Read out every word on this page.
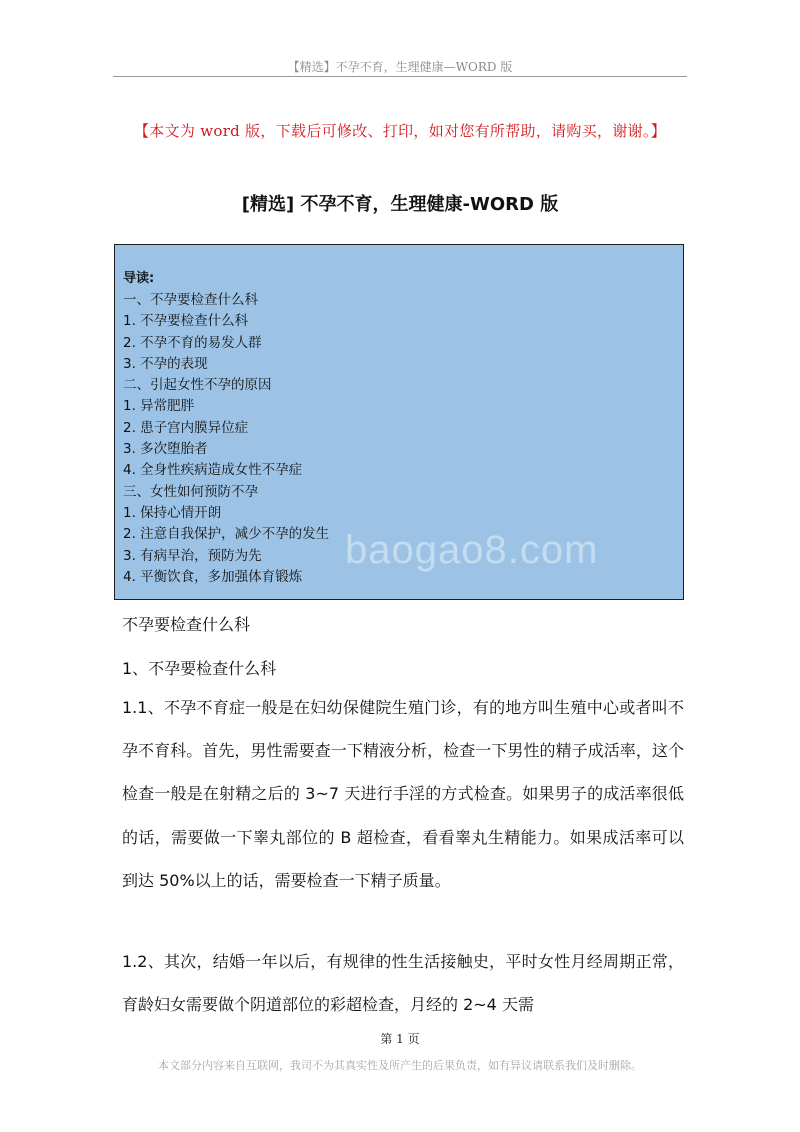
【精选】不孕不育，生理健康—WORD 版
【本文为 word 版，下载后可修改、打印，如对您有所帮助，请购买，谢谢。】
[精选] 不孕不育，生理健康-WORD 版
导读:
一、不孕要检查什么科
1. 不孕要检查什么科
2. 不孕不育的易发人群
3. 不孕的表现
二、引起女性不孕的原因
1. 异常肥胖
2. 患子宫内膜异位症
3. 多次堕胎者
4. 全身性疾病造成女性不孕症
三、女性如何预防不孕
1. 保持心情开朗
2. 注意自我保护，减少不孕的发生
3. 有病早治，预防为先
4. 平衡饮食，多加强体育锻炼
baogao8.com
不孕要检查什么科
1、不孕要检查什么科

1.1、不孕不育症一般是在妇幼保健院生殖门诊，有的地方叫生殖中心或者叫不孕不育科。首先，男性需要查一下精液分析，检查一下男性的精子成活率，这个检查一般是在射精之后的 3~7 天进行手淫的方式检查。如果男子的成活率很低的话，需要做一下睾丸部位的 B 超检查，看看睾丸生精能力。如果成活率可以到达 50%以上的话，需要检查一下精子质量。

1.2、其次，结婚一年以后，有规律的性生活接触史，平时女性月经周期正常，育龄妇女需要做个阴道部位的彩超检查，月经的 2~4 天需

第 1 页
本文部分内容来自互联网，我司不为其真实性及所产生的后果负责，如有异议请联系我们及时删除。
